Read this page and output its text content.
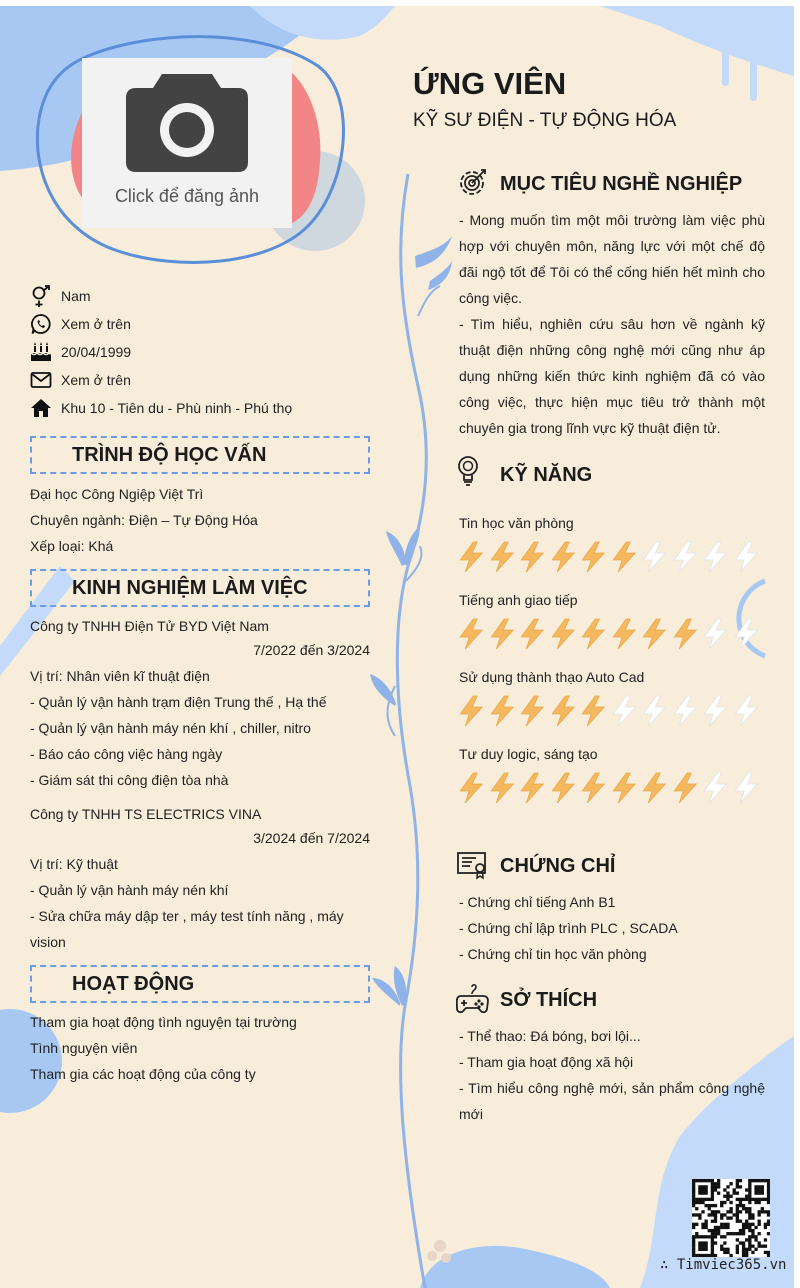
Click để đăng ảnh
ỨNG VIÊN
KỸ SƯ ĐIỆN - TỰ ĐỘNG HÓA
Nam
Xem ở trên
20/04/1999
Xem ở trên
Khu 10 - Tiên du - Phù ninh - Phú thọ
TRÌNH ĐỘ HỌC VẤN
Đại học Công Ngiệp Việt Trì
Chuyên ngành: Điện – Tự Động Hóa
Xếp loại: Khá
KINH NGHIỆM LÀM VIỆC
Công ty TNHH Điện Tử BYD Việt Nam
7/2022 đến 3/2024
Vị trí: Nhân viên kĩ thuật điện
- Quản lý vận hành trạm điện Trung thế , Hạ thế
- Quản lý vận hành máy nén khí , chiller, nitro
- Báo cáo công việc hàng ngày
- Giám sát thi công điện tòa nhà
Công ty TNHH TS ELECTRICS VINA
3/2024 đến 7/2024
Vị trí: Kỹ thuật
- Quản lý vận hành máy nén khí
- Sửa chữa máy dập ter , máy test tính năng , máy
vision
HOẠT ĐỘNG
Tham gia hoạt động tình nguyện tại trường
Tình nguyện viên
Tham gia các hoạt động của công ty
MỤC TIÊU NGHỀ NGHIỆP
- Mong muốn tìm một môi trường làm việc phù hợp với chuyên môn, năng lực với một chế độ đãi ngộ tốt để Tôi có thể cống hiến hết mình cho công việc.
- Tìm hiểu, nghiên cứu sâu hơn về ngành kỹ thuật điện những công nghệ mới cũng như áp dụng những kiến thức kinh nghiệm đã có vào công việc, thực hiện mục tiêu trở thành một chuyên gia trong lĩnh vực kỹ thuật điện tử.
KỸ NĂNG
Tin học văn phòng
Tiếng anh giao tiếp
Sử dụng thành thạo Auto Cad
Tư duy logic, sáng tạo
CHỨNG CHỈ
- Chứng chỉ tiếng Anh B1
- Chứng chỉ lập trình PLC , SCADA
- Chứng chỉ tin học văn phòng
SỞ THÍCH
- Thể thao: Đá bóng, bơi lội...
- Tham gia hoạt động xã hội
- Tìm hiểu công nghệ mới, sản phẩm công nghệ mới
∴ Timviec365.vn
